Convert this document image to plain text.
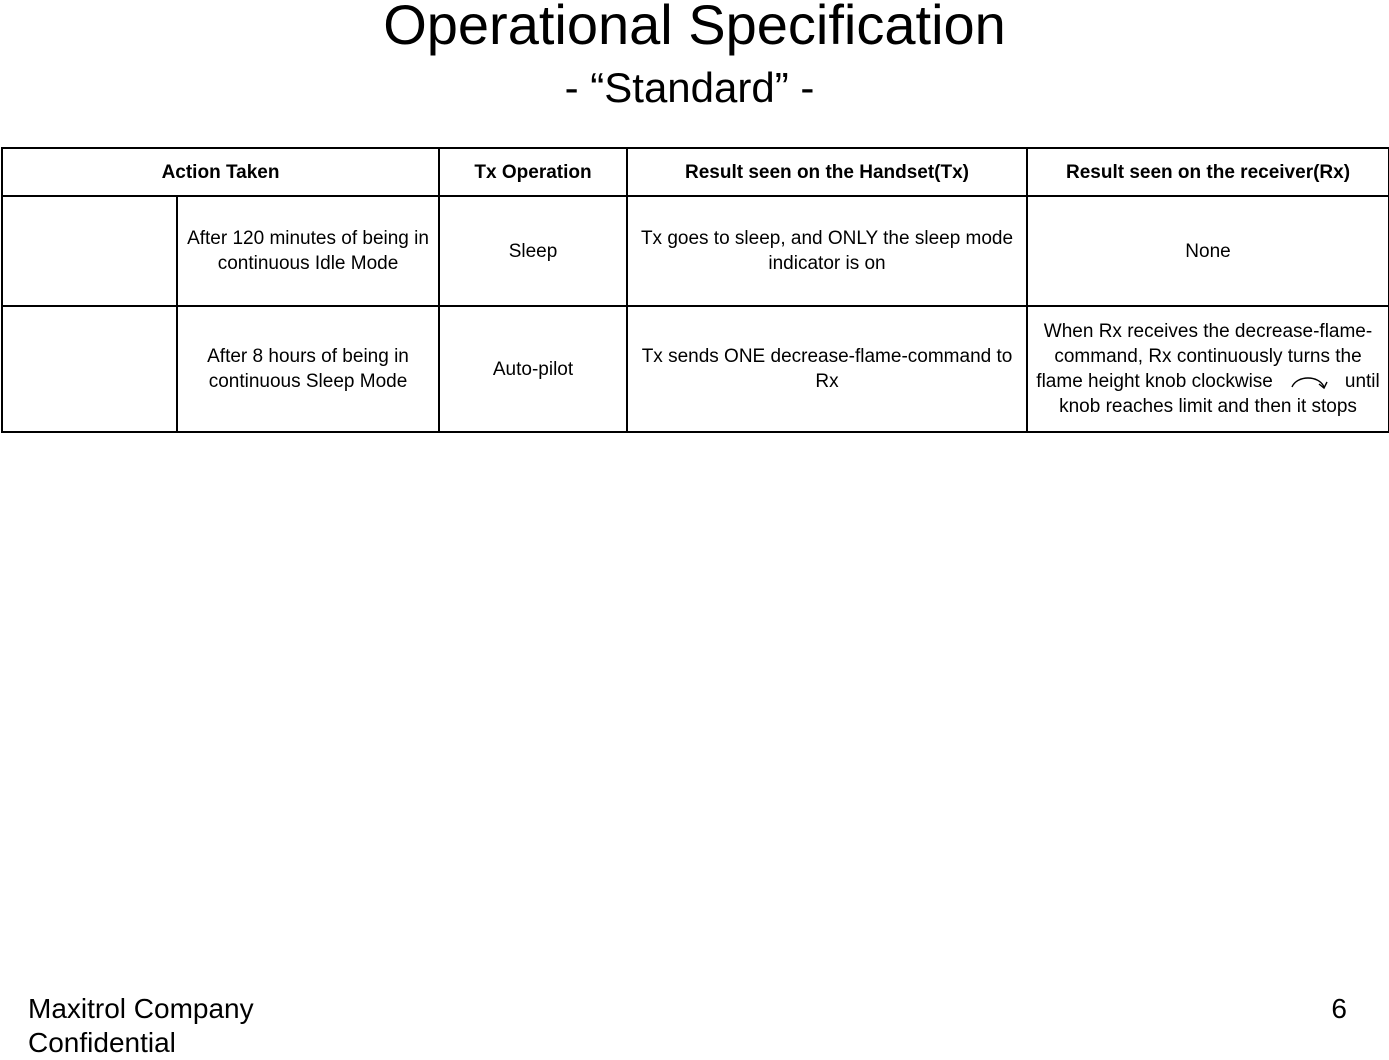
Operational Specification
- “Standard” -
Action Taken		Tx Operation	Result seen on the Handset(Tx)	Result seen on the receiver(Rx)
	After 120 minutes of being in continuous Idle Mode	Sleep	Tx goes to sleep, and ONLY the sleep mode indicator is on	None
	After 8 hours of being in continuous Sleep Mode	Auto-pilot	Tx sends ONE decrease-flame-command to Rx	When Rx receives the decrease-flame-command, Rx continuously turns the flame height knob clockwise until knob reaches limit and then it stops
Maxitrol Company
Confidential
6
